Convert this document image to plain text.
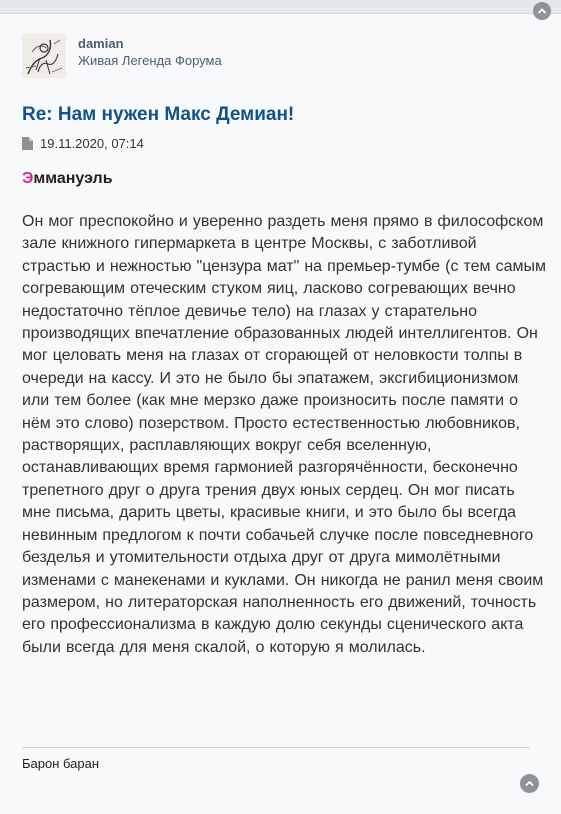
damian
Живая Легенда Форума
Re: Нам нужен Макс Демиан!
19.11.2020, 07:14
Эммануэль

Он мог преспокойно и уверенно раздеть меня прямо в философском зале книжного гипермаркета в центре Москвы, с заботливой страстью и нежностью "цензура мат" на премьер-тумбе (с тем самым согревающим отеческим стуком яиц, ласково согревающих вечно недостаточно тёплое девичье тело) на глазах у старательно производящих впечатление образованных людей интеллигентов. Он мог целовать меня на глазах от сгорающей от неловкости толпы в очереди на кассу. И это не было бы эпатажем, эксгибиционизмом или тем более (как мне мерзко даже произносить после памяти о нём это слово) позерством. Просто естественностью любовников, растворящих, расплавляющих вокруг себя вселенную, останавливающих время гармонией разгорячённости, бесконечно трепетного друг о друга трения двух юных сердец. Он мог писать мне письма, дарить цветы, красивые книги, и это было бы всегда невинным предлогом к почти собачьей случке после повседневного безделья и утомительности отдыха друг от друга мимолётными изменами с манекенами и куклами. Он никогда не ранил меня своим размером, но литераторская наполненность его движений, точность его профессионализма в каждую долю секунды сценического акта были всегда для меня скалой, о которую я молилась.

Барон баран
